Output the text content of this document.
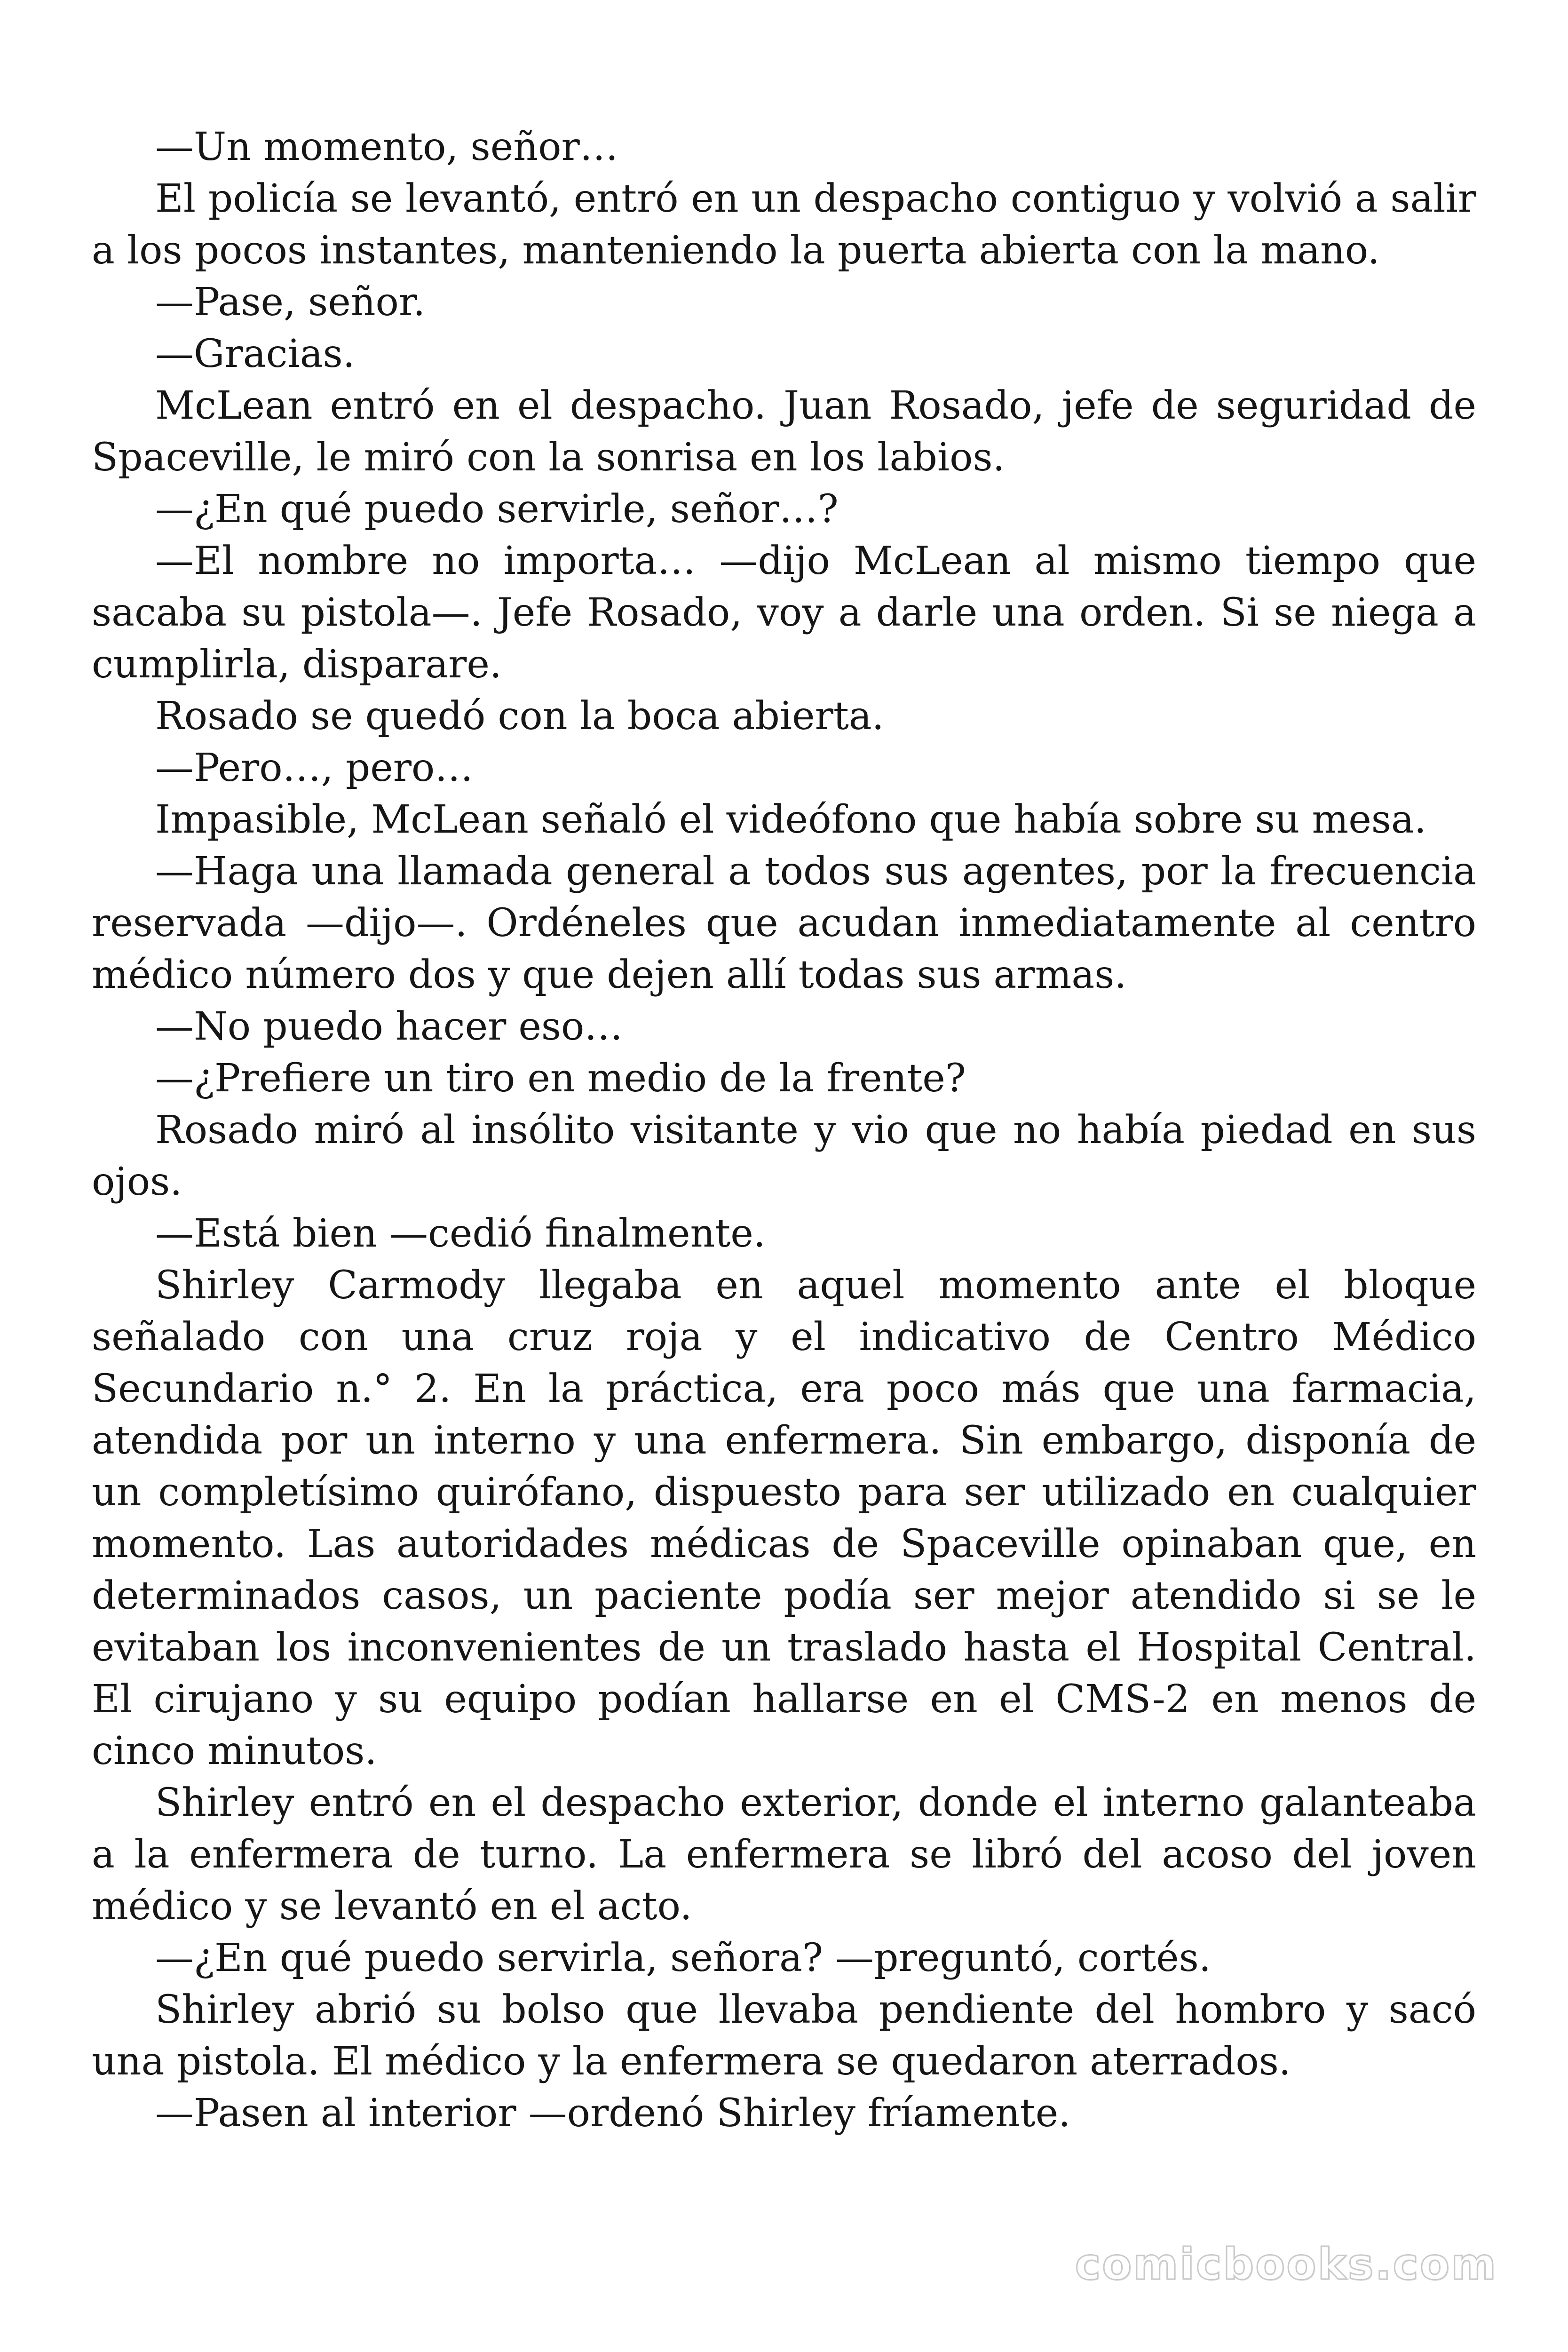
—Un momento, señor…

El policía se levantó, entró en un despacho contiguo y volvió a salir a los pocos instantes, manteniendo la puerta abierta con la mano.

—Pase, señor.

—Gracias.

McLean entró en el despacho. Juan Rosado, jefe de seguridad de Spaceville, le miró con la sonrisa en los labios.

—¿En qué puedo servirle, señor…?

—El nombre no importa… —dijo McLean al mismo tiempo que sacaba su pistola—. Jefe Rosado, voy a darle una orden. Si se niega a cumplirla, disparare.

Rosado se quedó con la boca abierta.

—Pero…, pero…

Impasible, McLean señaló el videófono que había sobre su mesa.

—Haga una llamada general a todos sus agentes, por la frecuencia reservada —dijo—. Ordéneles que acudan inmediatamente al centro médico número dos y que dejen allí todas sus armas.

—No puedo hacer eso…

—¿Prefiere un tiro en medio de la frente?

Rosado miró al insólito visitante y vio que no había piedad en sus ojos.

—Está bien —cedió finalmente.

Shirley Carmody llegaba en aquel momento ante el bloque señalado con una cruz roja y el indicativo de Centro Médico Secundario n.° 2. En la práctica, era poco más que una farmacia, atendida por un interno y una enfermera. Sin embargo, disponía de un completísimo quirófano, dispuesto para ser utilizado en cualquier momento. Las autoridades médicas de Spaceville opinaban que, en determinados casos, un paciente podía ser mejor atendido si se le evitaban los inconvenientes de un traslado hasta el Hospital Central. El cirujano y su equipo podían hallarse en el CMS-2 en menos de cinco minutos.

Shirley entró en el despacho exterior, donde el interno galanteaba a la enfermera de turno. La enfermera se libró del acoso del joven médico y se levantó en el acto.

—¿En qué puedo servirla, señora? —preguntó, cortés.

Shirley abrió su bolso que llevaba pendiente del hombro y sacó una pistola. El médico y la enfermera se quedaron aterrados.

—Pasen al interior —ordenó Shirley fríamente.

comicbooks.com
